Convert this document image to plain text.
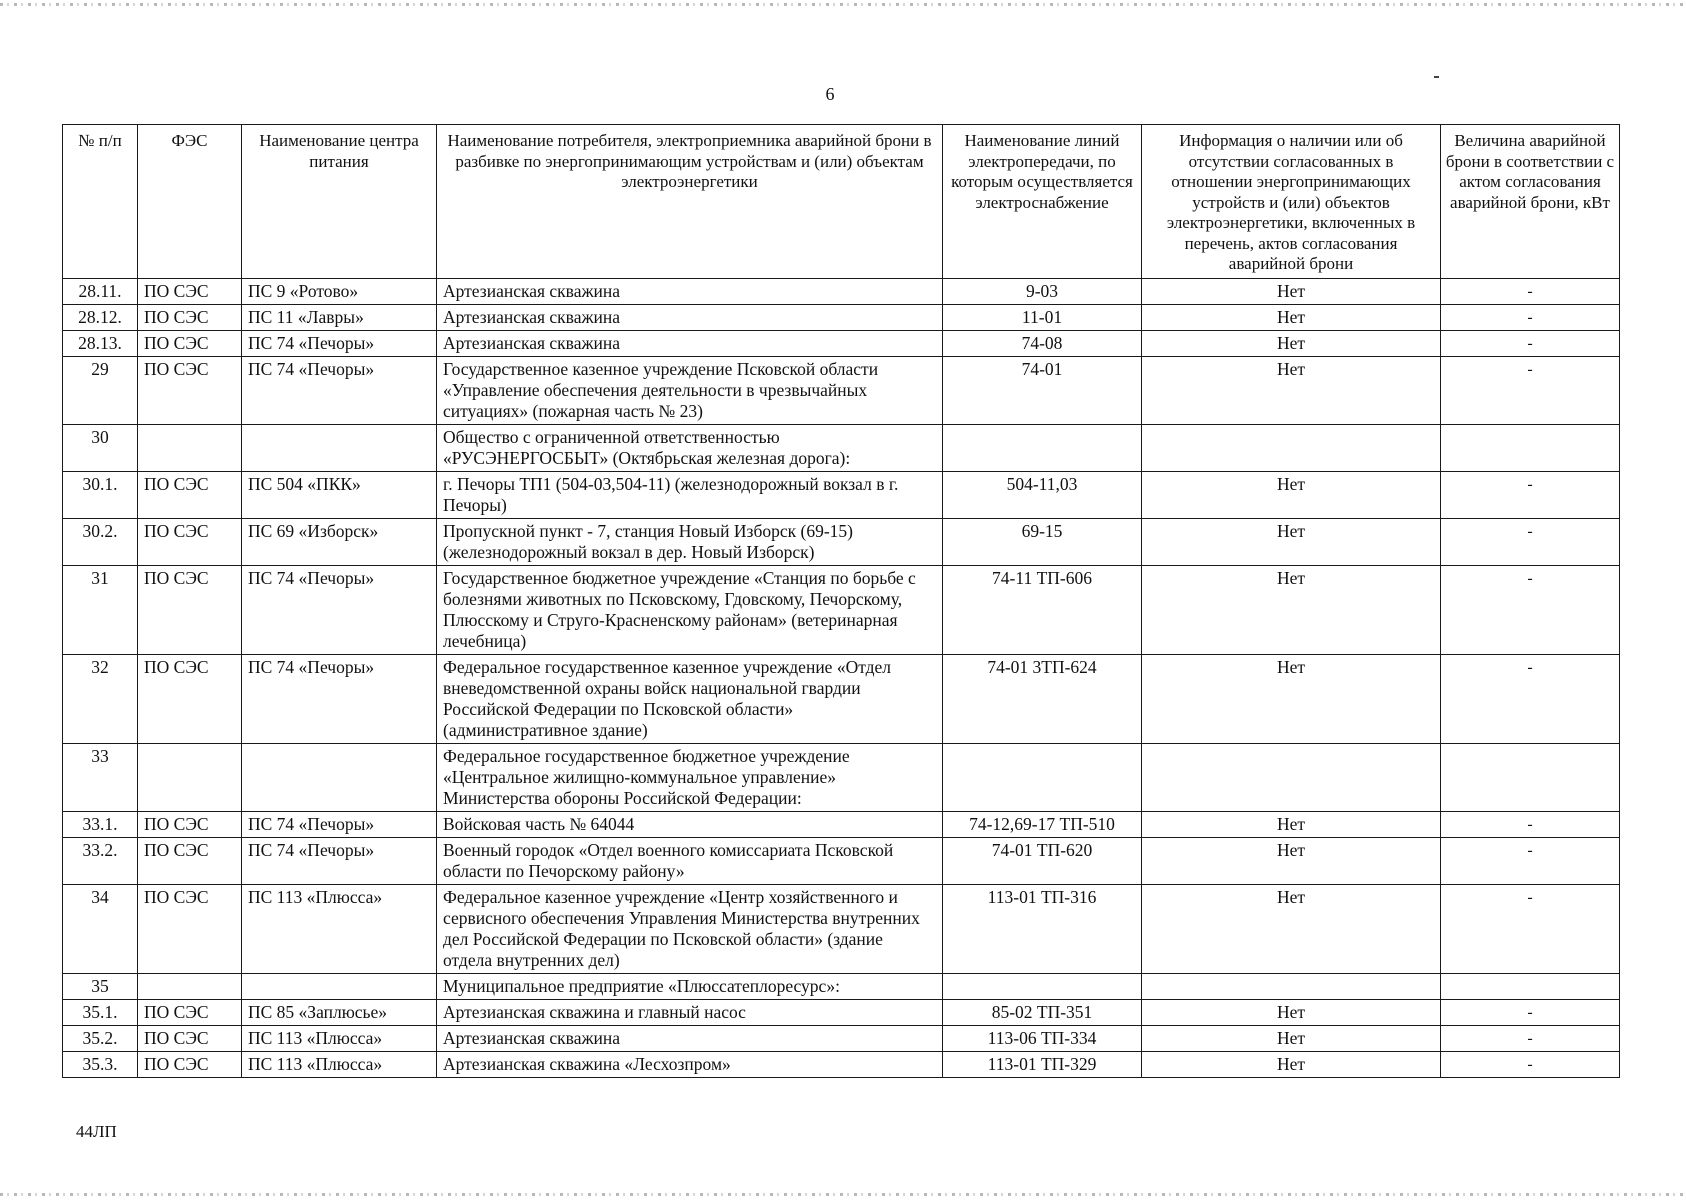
6
№ п/п	ФЭС	Наименование центра питания	Наименование потребителя, электроприемника аварийной брони в разбивке по энергопринимающим устройствам и (или) объектам электроэнергетики	Наименование линий электропередачи, по которым осуществляется электроснабжение	Информация о наличии или об отсутствии согласованных в отношении энергопринимающих устройств и (или) объектов электроэнергетики, включенных в перечень, актов согласования аварийной брони	Величина аварийной брони в соответствии с актом согласования аварийной брони, кВт
28.11.	ПО СЭС	ПС 9 «Ротово»	Артезианская скважина	9-03	Нет	-
28.12.	ПО СЭС	ПС 11 «Лавры»	Артезианская скважина	11-01	Нет	-
28.13.	ПО СЭС	ПС 74 «Печоры»	Артезианская скважина	74-08	Нет	-
29	ПО СЭС	ПС 74 «Печоры»	Государственное казенное учреждение Псковской области «Управление обеспечения деятельности в чрезвычайных ситуациях» (пожарная часть № 23)	74-01	Нет	-
30			Общество с ограниченной ответственностью «РУСЭНЕРГОСБЫТ» (Октябрьская железная дорога):			
30.1.	ПО СЭС	ПС 504 «ПКК»	г. Печоры ТП1 (504-03,504-11) (железнодорожный вокзал в г. Печоры)	504-11,03	Нет	-
30.2.	ПО СЭС	ПС 69 «Изборск»	Пропускной пункт - 7, станция Новый Изборск (69-15) (железнодорожный вокзал в дер. Новый Изборск)	69-15	Нет	-
31	ПО СЭС	ПС 74 «Печоры»	Государственное бюджетное учреждение «Станция по борьбе с болезнями животных по Псковскому, Гдовскому, Печорскому, Плюсскому и Струго-Красненскому районам» (ветеринарная лечебница)	74-11 ТП-606	Нет	-
32	ПО СЭС	ПС 74 «Печоры»	Федеральное государственное казенное учреждение «Отдел вневедомственной охраны войск национальной гвардии Российской Федерации по Псковской области» (административное здание)	74-01 3ТП-624	Нет	-
33			Федеральное государственное бюджетное учреждение «Центральное жилищно-коммунальное управление» Министерства обороны Российской Федерации:			
33.1.	ПО СЭС	ПС 74 «Печоры»	Войсковая часть № 64044	74-12,69-17 ТП-510	Нет	-
33.2.	ПО СЭС	ПС 74 «Печоры»	Военный городок «Отдел военного комиссариата Псковской области по Печорскому району»	74-01 ТП-620	Нет	-
34	ПО СЭС	ПС 113 «Плюсса»	Федеральное казенное учреждение «Центр хозяйственного и сервисного обеспечения Управления Министерства внутренних дел Российской Федерации по Псковской области» (здание отдела внутренних дел)	113-01 ТП-316	Нет	-
35			Муниципальное предприятие «Плюссатеплоресурс»:			
35.1.	ПО СЭС	ПС 85 «Заплюсье»	Артезианская скважина и главный насос	85-02 ТП-351	Нет	-
35.2.	ПО СЭС	ПС 113 «Плюсса»	Артезианская скважина	113-06 ТП-334	Нет	-
35.3.	ПО СЭС	ПС 113 «Плюсса»	Артезианская скважина «Лесхозпром»	113-01 ТП-329	Нет	-
44ЛП
